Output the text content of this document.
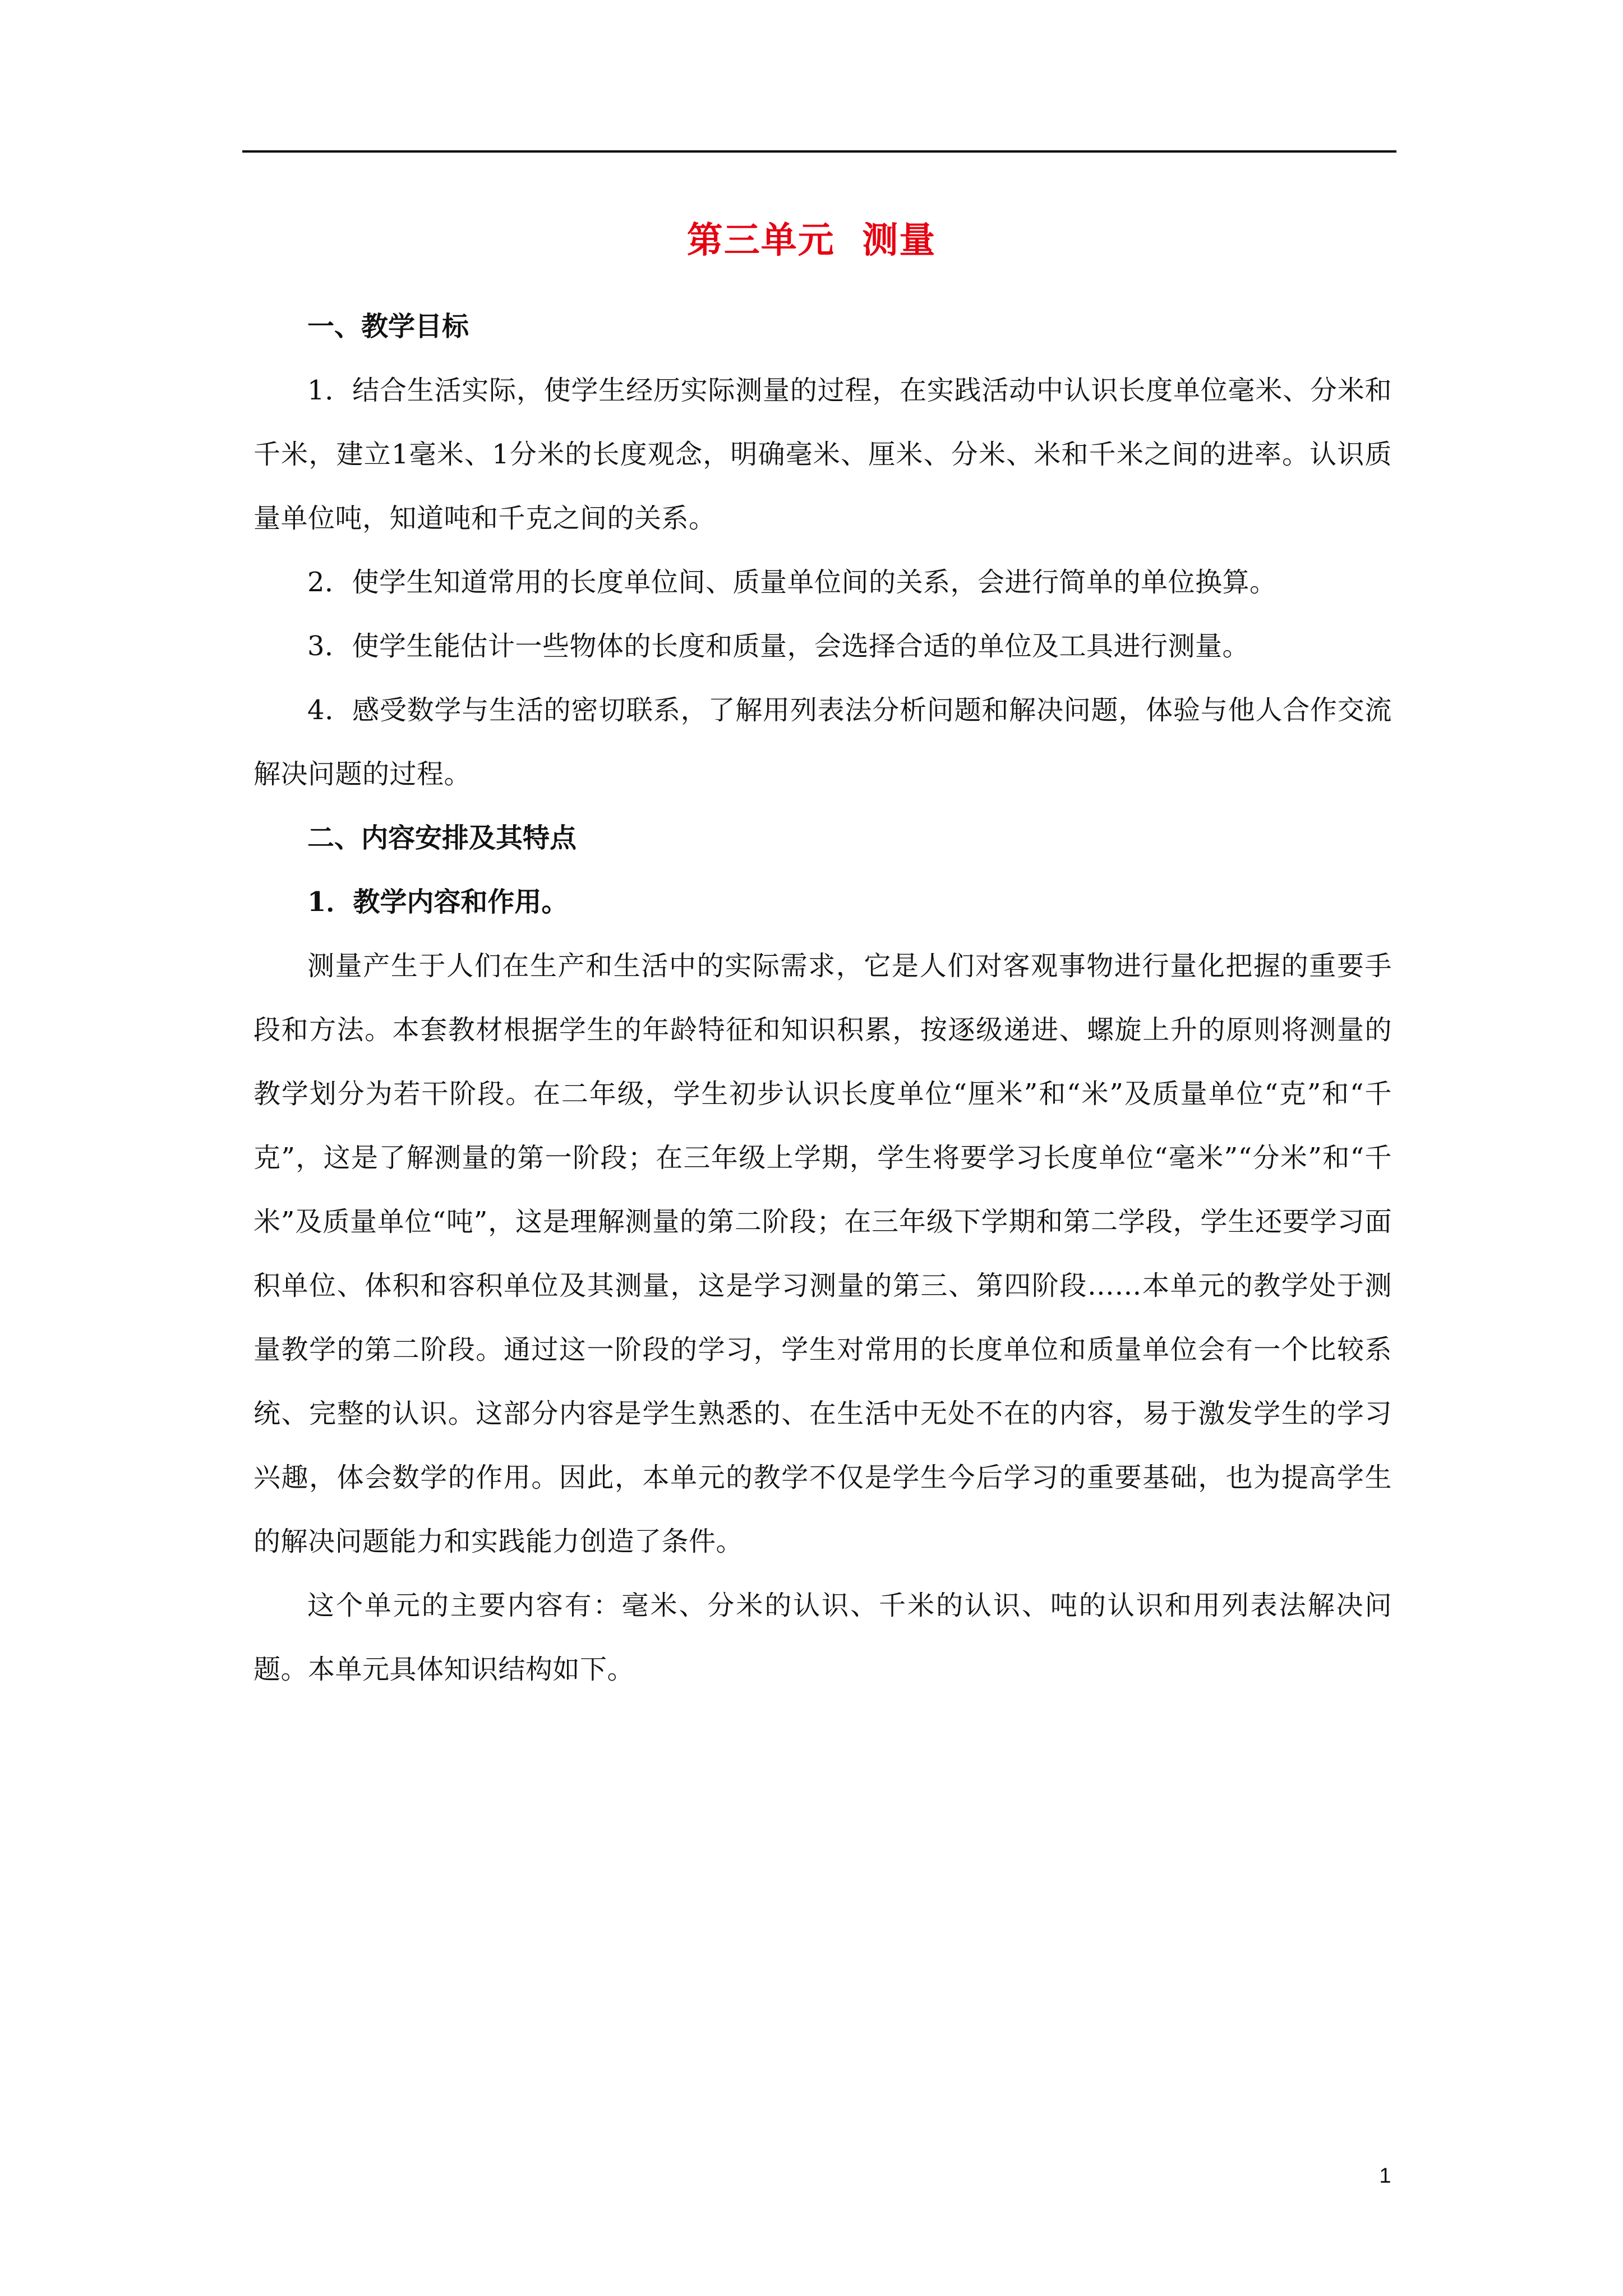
第三单元  测量

一、教学目标

1．结合生活实际，使学生经历实际测量的过程，在实践活动中认识长度单位毫米、分米和千米，建立1毫米、1分米的长度观念，明确毫米、厘米、分米、米和千米之间的进率。认识质量单位吨，知道吨和千克之间的关系。

2．使学生知道常用的长度单位间、质量单位间的关系，会进行简单的单位换算。

3．使学生能估计一些物体的长度和质量，会选择合适的单位及工具进行测量。

4．感受数学与生活的密切联系，了解用列表法分析问题和解决问题，体验与他人合作交流解决问题的过程。

二、内容安排及其特点

1．教学内容和作用。

测量产生于人们在生产和生活中的实际需求，它是人们对客观事物进行量化把握的重要手段和方法。本套教材根据学生的年龄特征和知识积累，按逐级递进、螺旋上升的原则将测量的教学划分为若干阶段。在二年级，学生初步认识长度单位“厘米”和“米”及质量单位“克”和“千克”，这是了解测量的第一阶段；在三年级上学期，学生将要学习长度单位“毫米”“分米”和“千米”及质量单位“吨”，这是理解测量的第二阶段；在三年级下学期和第二学段，学生还要学习面积单位、体积和容积单位及其测量，这是学习测量的第三、第四阶段……本单元的教学处于测量教学的第二阶段。通过这一阶段的学习，学生对常用的长度单位和质量单位会有一个比较系统、完整的认识。这部分内容是学生熟悉的、在生活中无处不在的内容，易于激发学生的学习兴趣，体会数学的作用。因此，本单元的教学不仅是学生今后学习的重要基础，也为提高学生的解决问题能力和实践能力创造了条件。

这个单元的主要内容有：毫米、分米的认识、千米的认识、吨的认识和用列表法解决问题。本单元具体知识结构如下。

1
